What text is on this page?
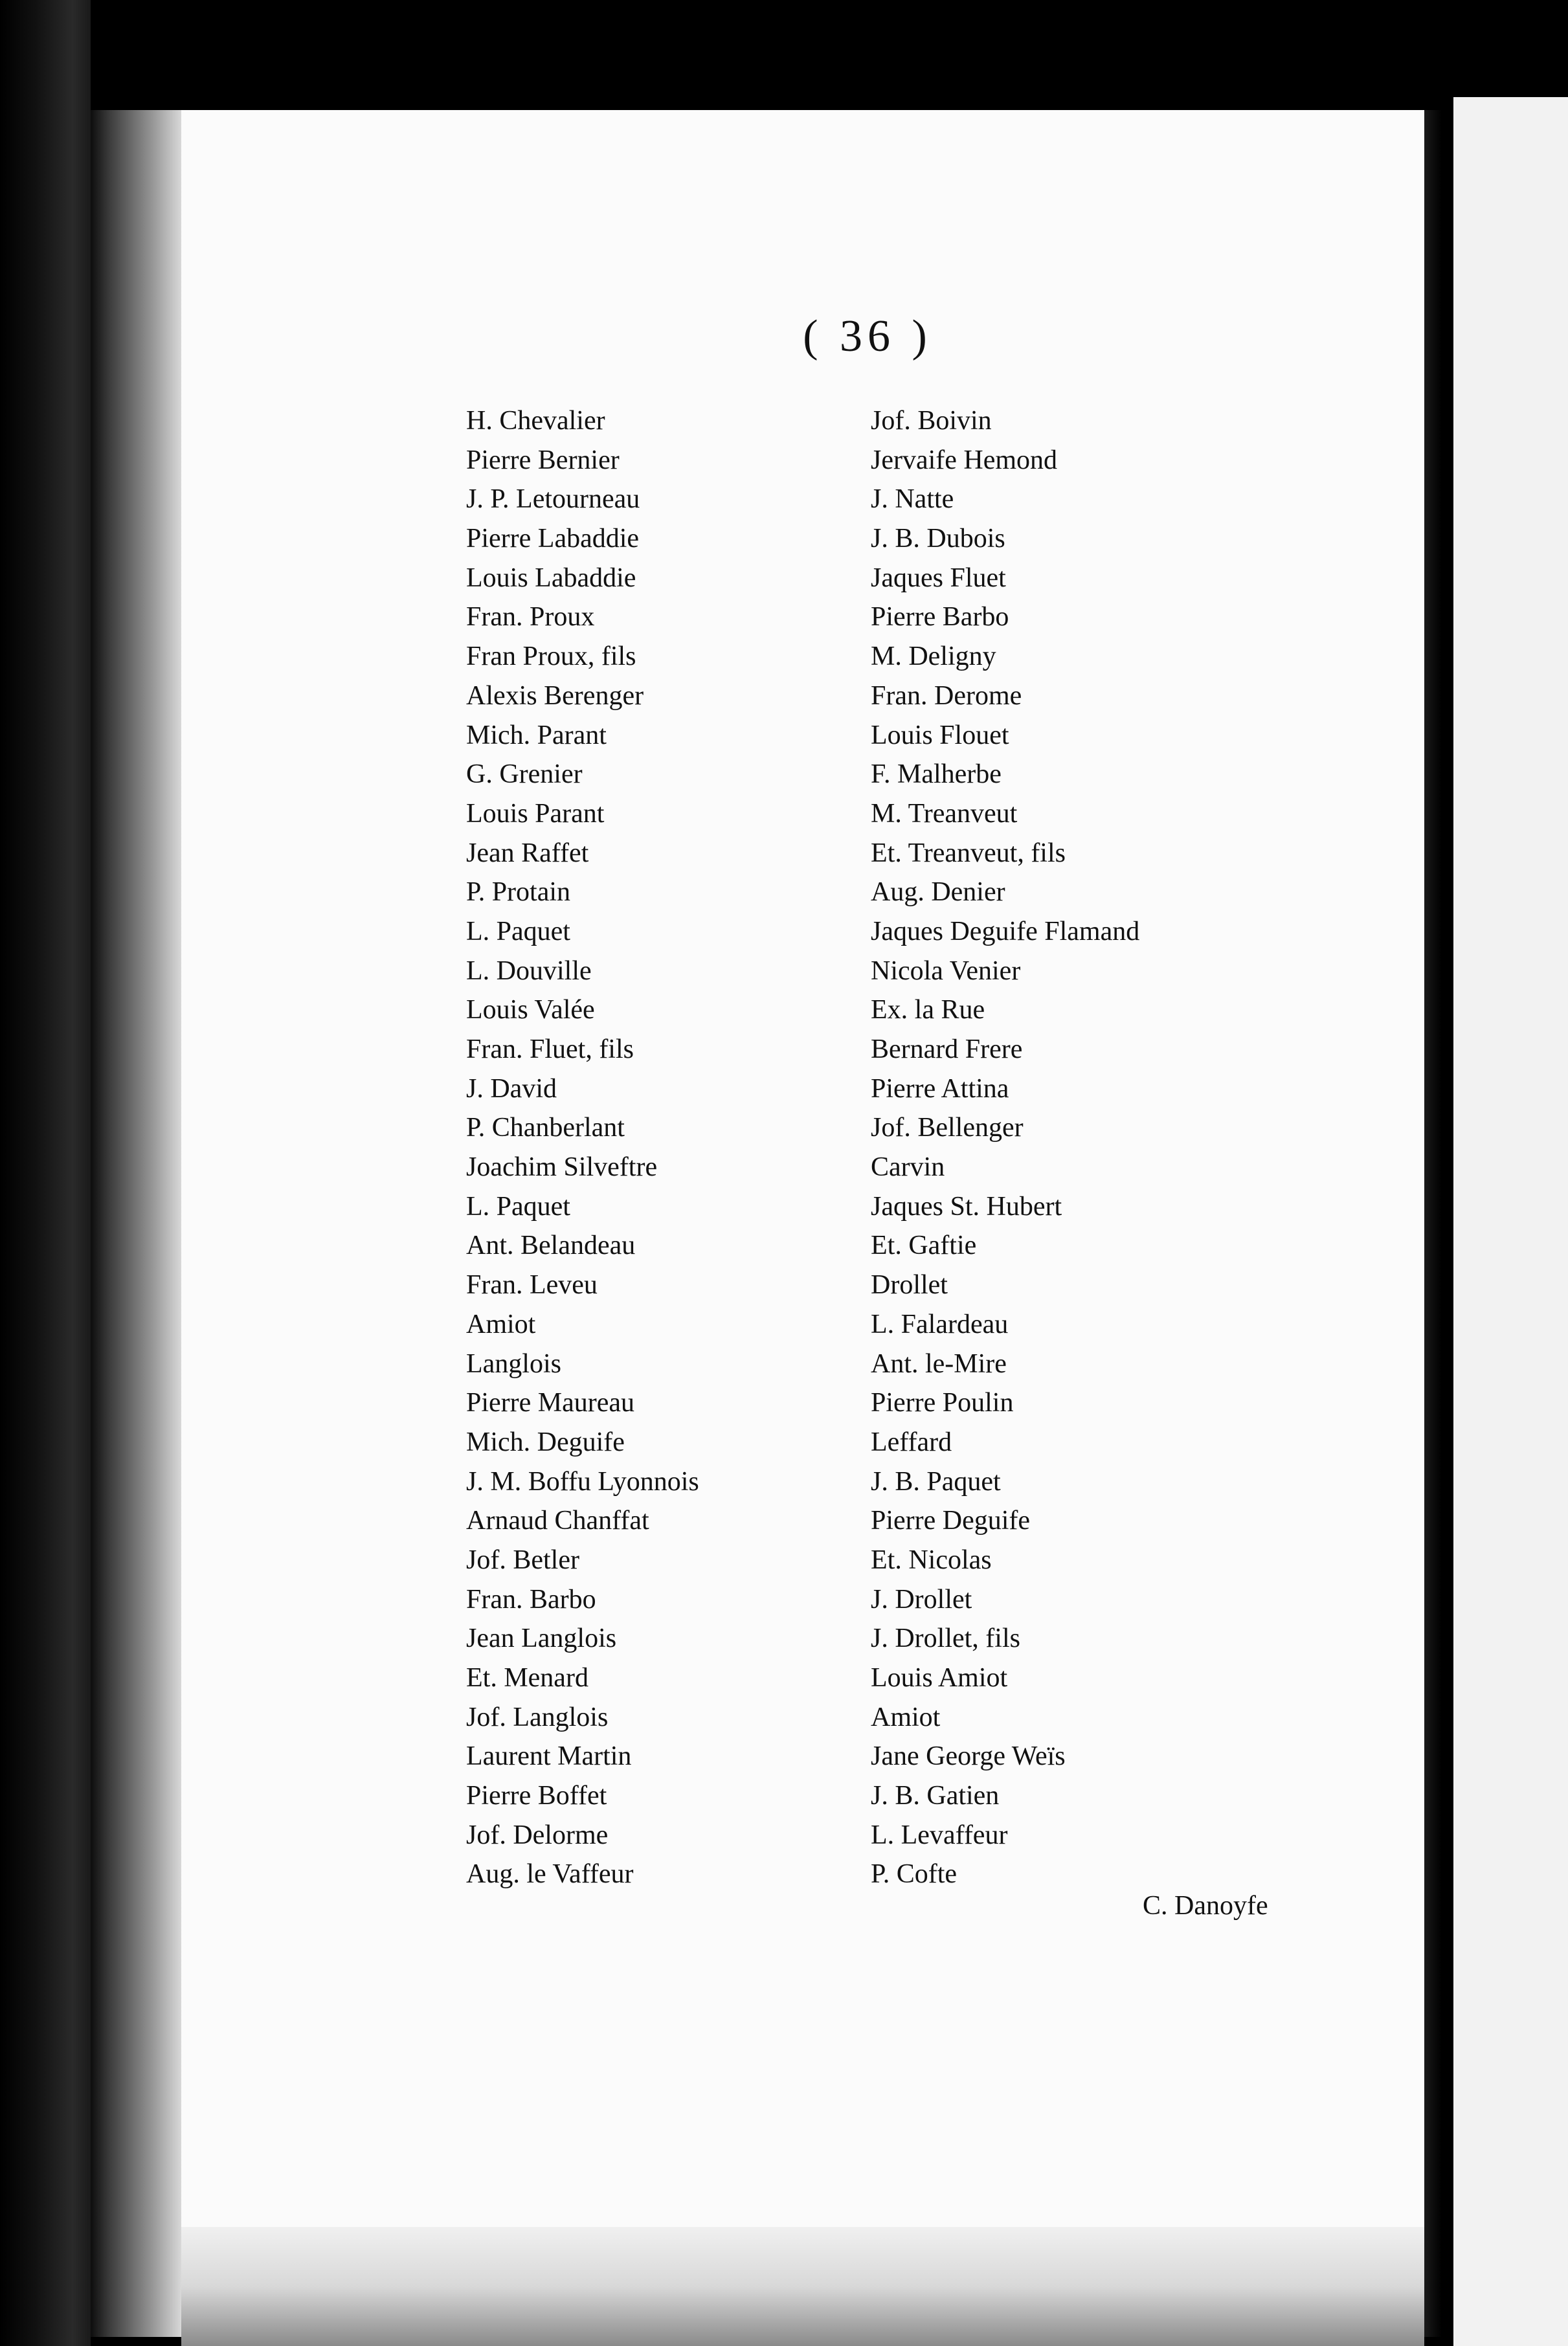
( 36 )
H. Chevalier
Pierre Bernier
J. P. Letourneau
Pierre Labaddie
Louis Labaddie
Fran. Proux
Fran Proux, fils
Alexis Berenger
Mich. Parant
G. Grenier
Louis Parant
Jean Raffet
P. Protain
L. Paquet
L. Douville
Louis Valée
Fran. Fluet, fils
J. David
P. Chanberlant
Joachim Silveftre
L. Paquet
Ant. Belandeau
Fran. Leveu
Amiot
Langlois
Pierre Maureau
Mich. Deguife
J. M. Boffu Lyonnois
Arnaud Chanffat
Jof. Betler
Fran. Barbo
Jean Langlois
Et. Menard
Jof. Langlois
Laurent Martin
Pierre Boffet
Jof. Delorme
Aug. le Vaffeur
Jof. Boivin
Jervaife Hemond
J. Natte
J. B. Dubois
Jaques Fluet
Pierre Barbo
M. Deligny
Fran. Derome
Louis Flouet
F. Malherbe
M. Treanveut
Et. Treanveut, fils
Aug. Denier
Jaques Deguife Flamand
Nicola Venier
Ex. la Rue
Bernard Frere
Pierre Attina
Jof. Bellenger
Carvin
Jaques St. Hubert
Et. Gaftie
Drollet
L. Falardeau
Ant. le-Mire
Pierre Poulin
Leffard
J. B. Paquet
Pierre Deguife
Et. Nicolas
J. Drollet
J. Drollet, fils
Louis Amiot
Amiot
Jane George Weïs
J. B. Gatien
L. Levaffeur
P. Cofte
C. Danoyfe
